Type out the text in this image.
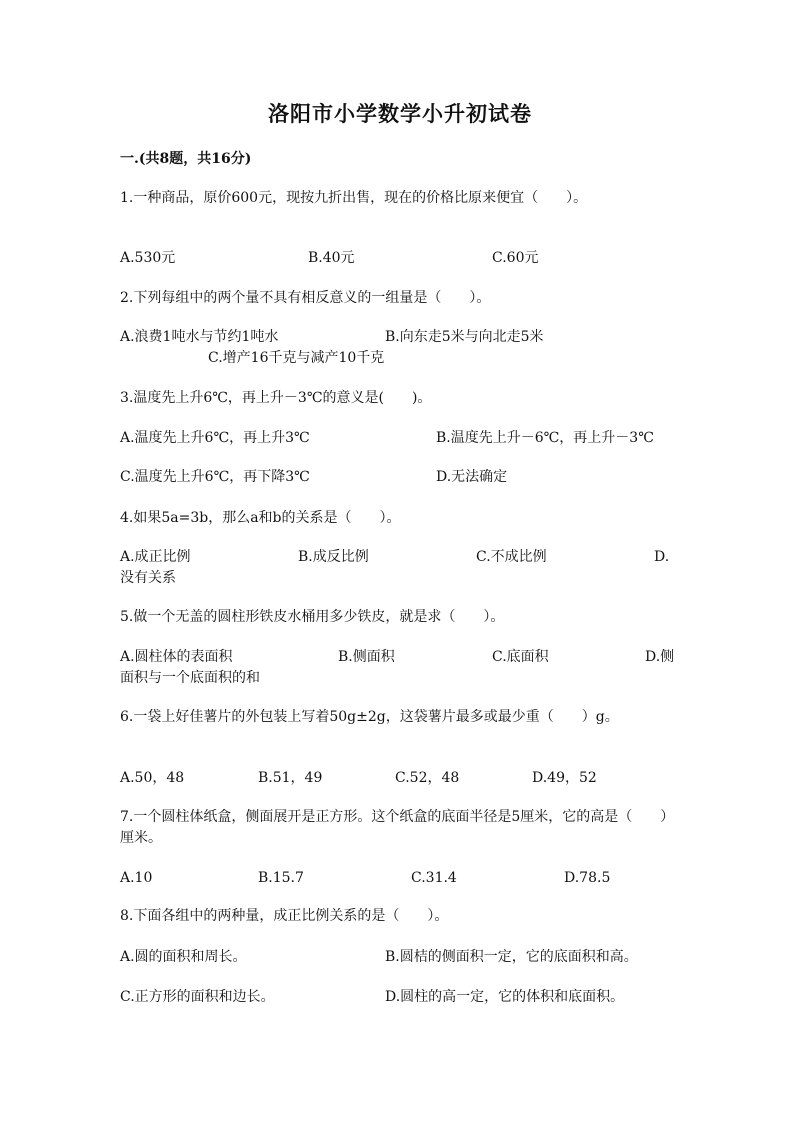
洛阳市小学数学小升初试卷
一.(共8题，共16分)
1.一种商品，原价600元，现按九折出售，现在的价格比原来便宜（　　）。
A.530元	B.40元	C.60元
2.下列每组中的两个量不具有相反意义的一组量是（　　）。
A.浪费1吨水与节约1吨水	B.向东走5米与向北走5米
C.增产16千克与减产10千克
3.温度先上升6℃，再上升－3℃的意义是(　　)。
A.温度先上升6℃，再上升3℃	B.温度先上升－6℃，再上升－3℃
C.温度先上升6℃，再下降3℃	D.无法确定
4.如果5a=3b，那么a和b的关系是（　　）。
A.成正比例	B.成反比例	C.不成比例	D.
没有关系
5.做一个无盖的圆柱形铁皮水桶用多少铁皮，就是求（　　）。
A.圆柱体的表面积	B.侧面积	C.底面积	D.侧
面积与一个底面积的和
6.一袋上好佳薯片的外包装上写着50g±2g，这袋薯片最多或最少重（　　）g。
A.50，48	B.51，49	C.52，48	D.49，52
7.一个圆柱体纸盒，侧面展开是正方形。这个纸盒的底面半径是5厘米，它的高是（　　）厘米。
A.10	B.15.7	C.31.4	D.78.5
8.下面各组中的两种量，成正比例关系的是（　　）。
A.圆的面积和周长。	B.圆桔的侧面积一定，它的底面积和高。
C.正方形的面积和边长。	D.圆柱的高一定，它的体积和底面积。
